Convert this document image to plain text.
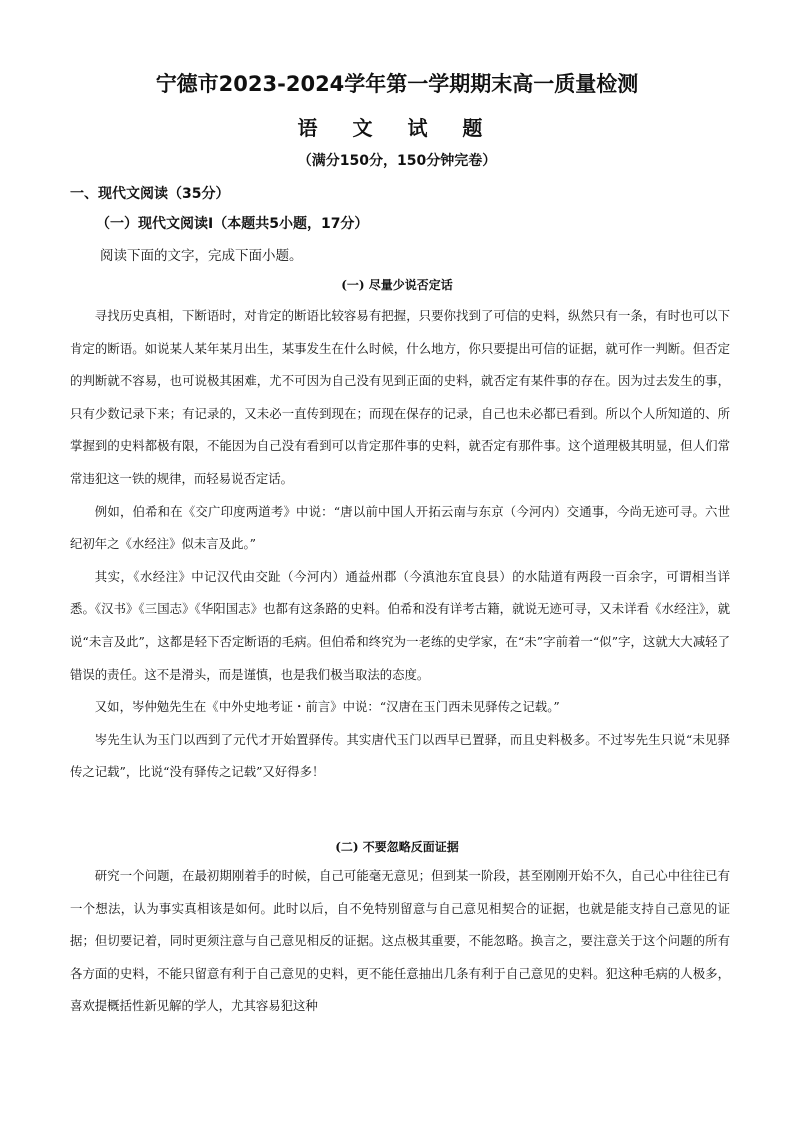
宁德市2023-2024学年第一学期期末高一质量检测
语 文 试 题
（满分150分，150分钟完卷）
一、现代文阅读（35分）
（一）现代文阅读Ⅰ（本题共5小题，17分）
阅读下面的文字，完成下面小题。
(一) 尽量少说否定话

寻找历史真相，下断语时，对肯定的断语比较容易有把握，只要你找到了可信的史料，纵然只有一条，有时也可以下肯定的断语。如说某人某年某月出生，某事发生在什么时候，什么地方，你只要提出可信的证据，就可作一判断。但否定的判断就不容易，也可说极其困难，尤不可因为自己没有见到正面的史料，就否定有某件事的存在。因为过去发生的事，只有少数记录下来；有记录的，又未必一直传到现在；而现在保存的记录，自己也未必都已看到。所以个人所知道的、所掌握到的史料都极有限，不能因为自己没有看到可以肯定那件事的史料，就否定有那件事。这个道理极其明显，但人们常常违犯这一铁的规律，而轻易说否定话。

例如，伯希和在《交广印度两道考》中说：“唐以前中国人开拓云南与东京（今河内）交通事，今尚无迹可寻。六世纪初年之《水经注》似未言及此。”

其实，《水经注》中记汉代由交趾（今河内）通益州郡（今滇池东宜良县）的水陆道有两段一百余字，可谓相当详悉。《汉书》《三国志》《华阳国志》也都有这条路的史料。伯希和没有详考古籍，就说无迹可寻，又未详看《水经注》，就说“未言及此”，这都是轻下否定断语的毛病。但伯希和终究为一老练的史学家，在“未”字前着一“似”字，这就大大减轻了错误的责任。这不是滑头，而是谨慎，也是我们极当取法的态度。

又如，岑仲勉先生在《中外史地考证・前言》中说：“汉唐在玉门西未见驿传之记载。”

岑先生认为玉门以西到了元代才开始置驿传。其实唐代玉门以西早已置驿，而且史料极多。不过岑先生只说“未见驿传之记载”，比说“没有驿传之记载”又好得多！

(二) 不要忽略反面证据

研究一个问题，在最初期刚着手的时候，自己可能毫无意见；但到某一阶段，甚至刚刚开始不久，自己心中往往已有一个想法，认为事实真相该是如何。此时以后，自不免特别留意与自己意见相契合的证据，也就是能支持自己意见的证据；但切要记着，同时更须注意与自己意见相反的证据。这点极其重要，不能忽略。换言之，要注意关于这个问题的所有各方面的史料，不能只留意有利于自己意见的史料，更不能任意抽出几条有利于自己意见的史料。犯这种毛病的人极多，喜欢提概括性新见解的学人，尤其容易犯这种
